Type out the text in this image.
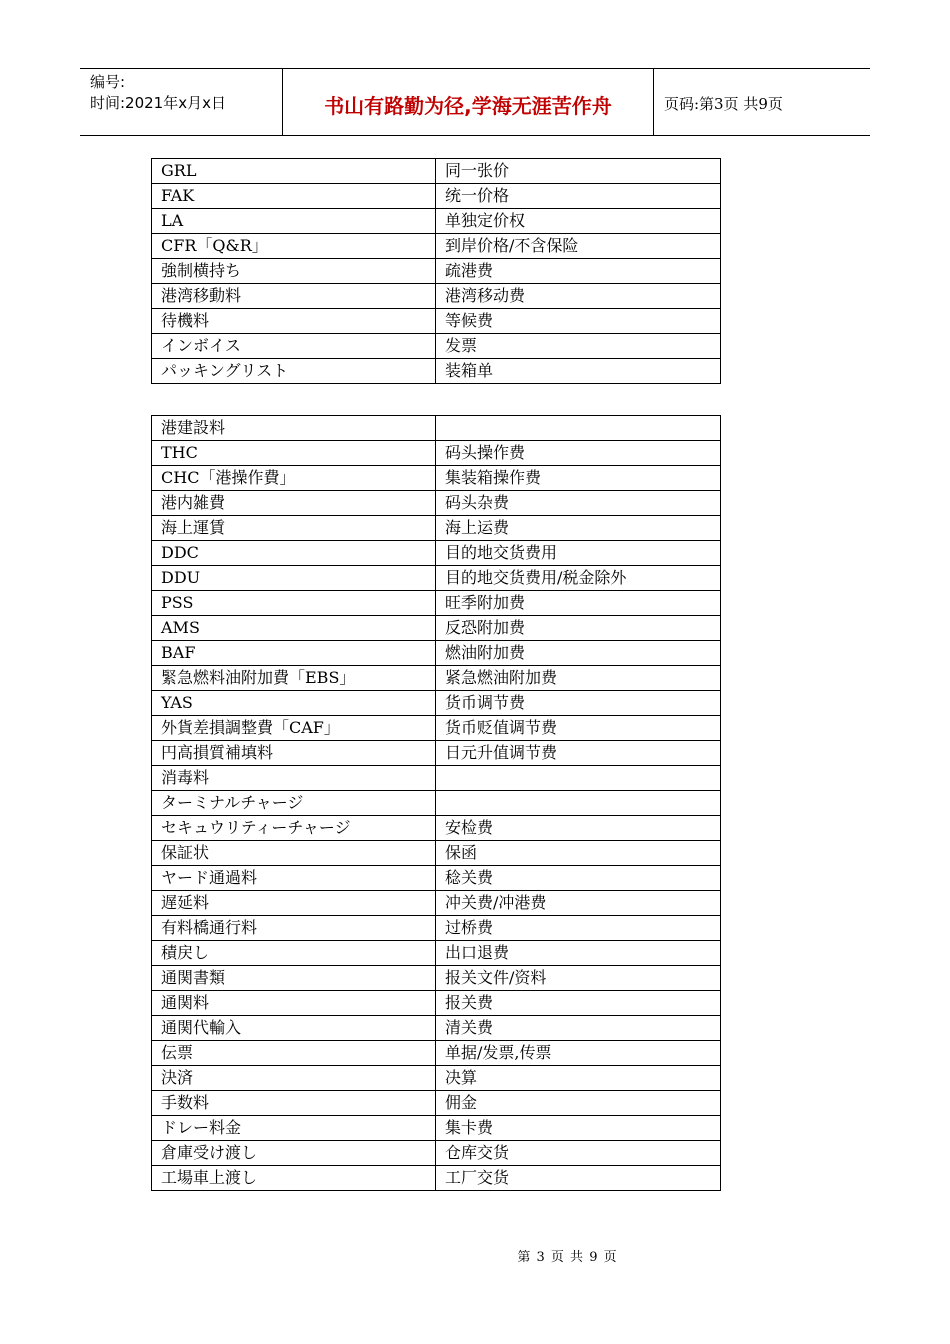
编号:
时间:2021年x月x日	书山有路勤为径,学海无涯苦作舟	页码:第3页 共9页
GRL	同一张价
FAK	统一价格
LA	单独定价权
CFR「Q&R」	到岸价格/不含保险
強制横持ち	疏港费
港湾移動料	港湾移动费
待機料	等候费
インボイス	发票
パッキングリスト	装箱单
港建設料	
THC	码头操作费
CHC「港操作費」	集装箱操作费
港内雑費	码头杂费
海上運賃	海上运费
DDC	目的地交货费用
DDU	目的地交货费用/税金除外
PSS	旺季附加费
AMS	反恐附加费
BAF	燃油附加费
緊急燃料油附加費「EBS」	紧急燃油附加费
YAS	货币调节费
外貨差損調整費「CAF」	货币贬值调节费
円高損質補填料	日元升值调节费
消毒料	
ターミナルチャージ	
セキュウリティーチャージ	安检费
保証状	保函
ヤード通過料	稔关费
遅延料	冲关费/冲港费
有料橋通行料	过桥费
積戻し	出口退费
通関書類	报关文件/资料
通関料	报关费
通関代輸入	清关费
伝票	单据/发票,传票
決済	决算
手数料	佣金
ドレー料金	集卡费
倉庫受け渡し	仓库交货
工場車上渡し	工厂交货
第 3 页 共 9 页
